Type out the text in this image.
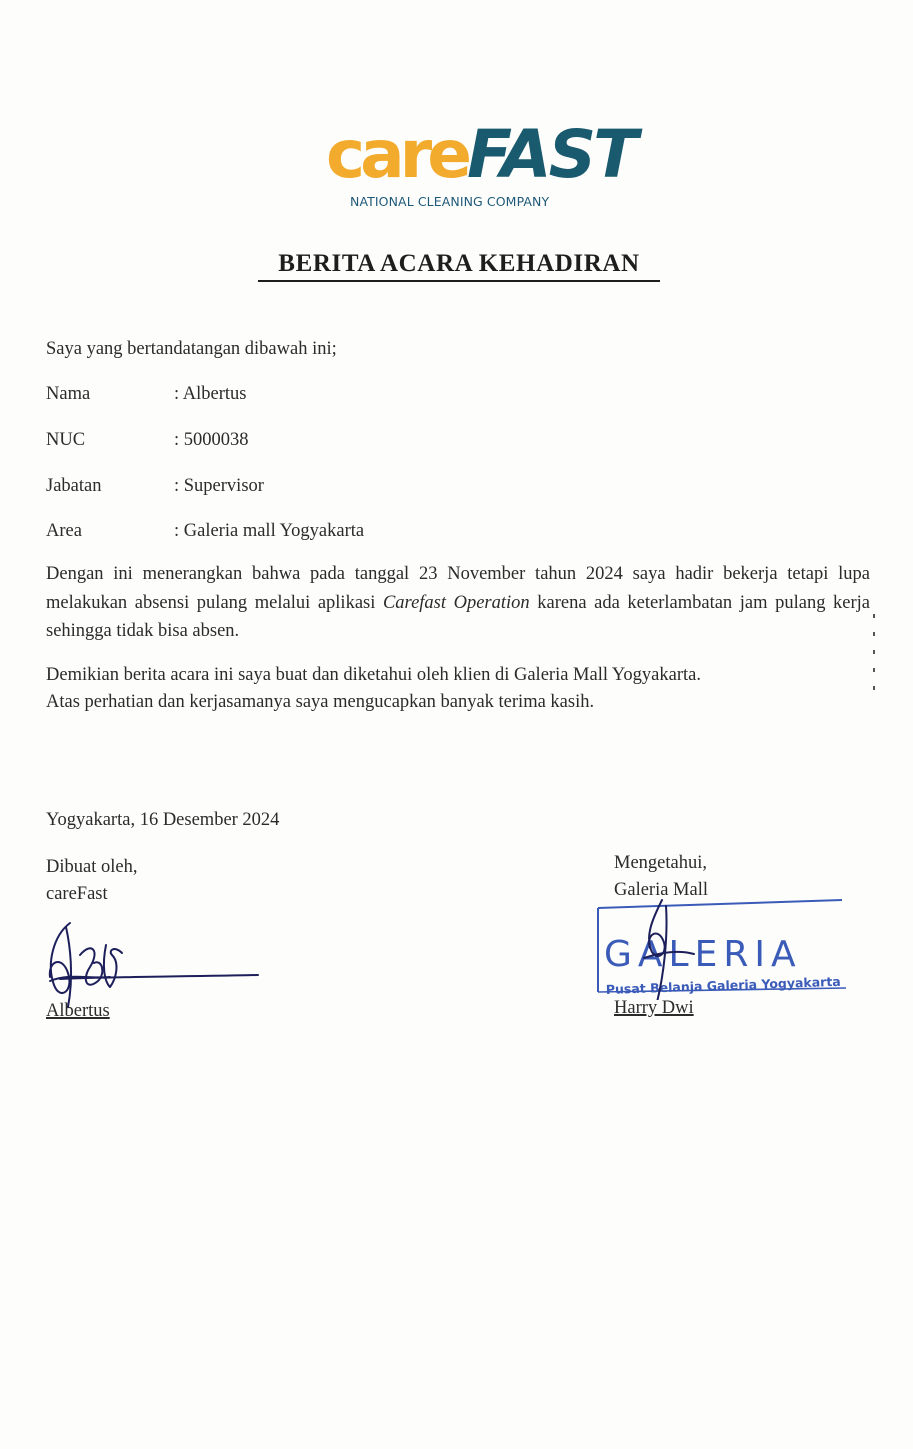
careFAST
NATIONAL CLEANING COMPANY
BERITA ACARA KEHADIRAN
Saya yang bertandatangan dibawah ini;
Nama	: Albertus
NUC	: 5000038
Jabatan	: Supervisor
Area	: Galeria mall Yogyakarta
Dengan ini menerangkan bahwa pada tanggal 23 November tahun 2024 saya hadir bekerja tetapi lupa melakukan absensi pulang melalui aplikasi Carefast Operation karena ada keterlambatan jam pulang kerja sehingga tidak bisa absen.
Demikian berita acara ini saya buat dan diketahui oleh klien di Galeria Mall Yogyakarta.
Atas perhatian dan kerjasamanya saya mengucapkan banyak terima kasih.
Yogyakarta, 16 Desember 2024
Dibuat oleh,
careFast
Albertus
Mengetahui,
Galeria Mall
GALERIA
Pusat Belanja Galeria Yogyakarta
Harry Dwi
